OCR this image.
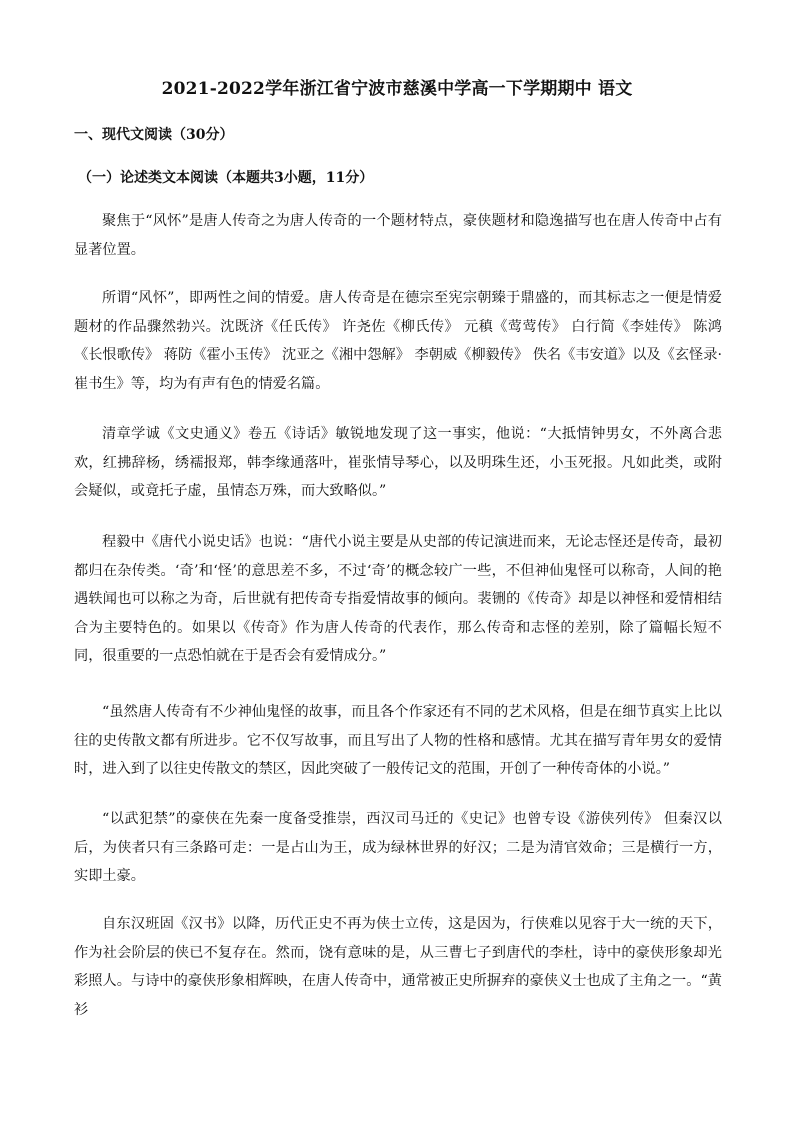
2021-2022学年浙江省宁波市慈溪中学高一下学期期中 语文
一、现代文阅读（30分）
（一）论述类文本阅读（本题共3小题，11分）

聚焦于“风怀”是唐人传奇之为唐人传奇的一个题材特点，豪侠题材和隐逸描写也在唐人传奇中占有显著位置。

所谓“风怀”，即两性之间的情爱。唐人传奇是在德宗至宪宗朝臻于鼎盛的，而其标志之一便是情爱题材的作品骤然勃兴。沈既济《任氏传》 许尧佐《柳氏传》 元稹《莺莺传》 白行简《李娃传》 陈鸿《长恨歌传》 蒋防《霍小玉传》 沈亚之《湘中怨解》 李朝威《柳毅传》 佚名《韦安道》以及《玄怪录·崔书生》等，均为有声有色的情爱名篇。

清章学诚《文史通义》卷五《诗话》敏锐地发现了这一事实，他说：“大抵情钟男女，不外离合悲欢，红拂辞杨，绣襦报郑，韩李缘通落叶，崔张情导琴心，以及明珠生还，小玉死报。凡如此类，或附会疑似，或竟托子虚，虽情态万殊，而大致略似。”

程毅中《唐代小说史话》也说：“唐代小说主要是从史部的传记演进而来，无论志怪还是传奇，最初都归在杂传类。‘奇’和‘怪’的意思差不多，不过‘奇’的概念较广一些，不但神仙鬼怪可以称奇，人间的艳遇轶闻也可以称之为奇，后世就有把传奇专指爱情故事的倾向。裴铏的《传奇》却是以神怪和爱情相结合为主要特色的。如果以《传奇》作为唐人传奇的代表作，那么传奇和志怪的差别，除了篇幅长短不同，很重要的一点恐怕就在于是否会有爱情成分。”

“虽然唐人传奇有不少神仙鬼怪的故事，而且各个作家还有不同的艺术风格，但是在细节真实上比以往的史传散文都有所进步。它不仅写故事，而且写出了人物的性格和感情。尤其在描写青年男女的爱情时，进入到了以往史传散文的禁区，因此突破了一般传记文的范围，开创了一种传奇体的小说。”

“以武犯禁”的豪侠在先秦一度备受推崇，西汉司马迁的《史记》也曾专设《游侠列传》 但秦汉以后，为侠者只有三条路可走：一是占山为王，成为绿林世界的好汉；二是为清官效命；三是横行一方，实即土豪。

自东汉班固《汉书》以降，历代正史不再为侠士立传，这是因为，行侠难以见容于大一统的天下，作为社会阶层的侠已不复存在。然而，饶有意味的是，从三曹七子到唐代的李杜，诗中的豪侠形象却光彩照人。与诗中的豪侠形象相辉映，在唐人传奇中，通常被正史所摒弃的豪侠义士也成了主角之一。“黄衫
